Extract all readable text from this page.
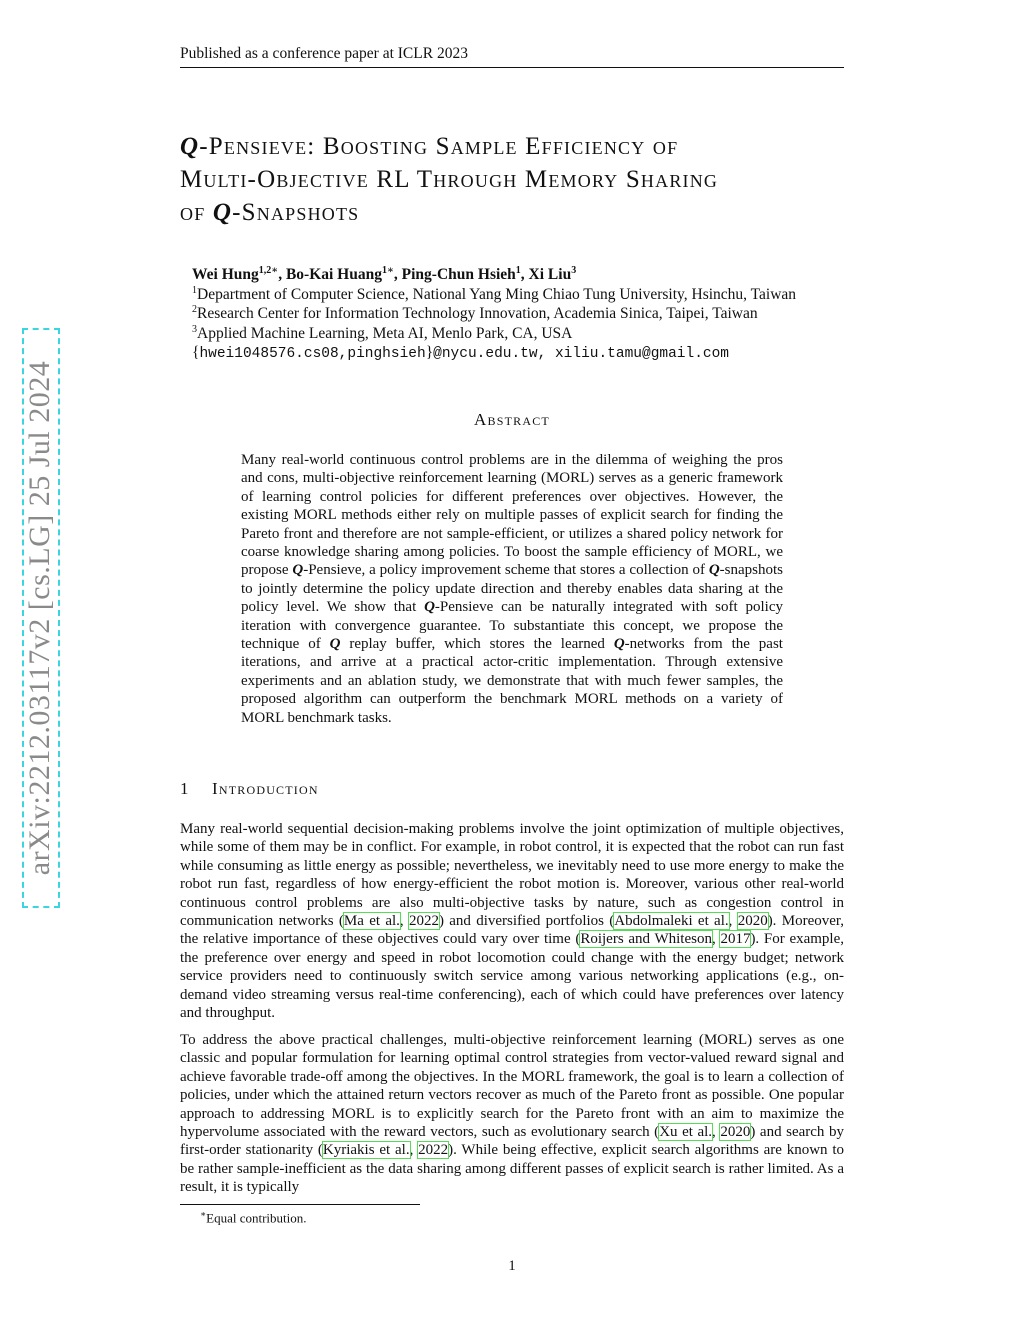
Published as a conference paper at ICLR 2023
arXiv:2212.03117v2 [cs.LG] 25 Jul 2024
Q-Pensieve: Boosting Sample Efficiency of
Multi-Objective RL Through Memory Sharing
of Q-Snapshots
Wei Hung$^{1,2∗}$, Bo-Kai Huang$^{1∗}$, Ping-Chun Hsieh$^1$, Xi Liu$^3$
$^1$Department of Computer Science, National Yang Ming Chiao Tung University, Hsinchu, Taiwan
$^2$Research Center for Information Technology Innovation, Academia Sinica, Taipei, Taiwan
$^3$Applied Machine Learning, Meta AI, Menlo Park, CA, USA
{hwei1048576.cs08,pinghsieh}@nycu.edu.tw, xiliu.tamu@gmail.com
Abstract
Many real-world continuous control problems are in the dilemma of weighing the pros and cons, multi-objective reinforcement learning (MORL) serves as a generic framework of learning control policies for different preferences over objectives. However, the existing MORL methods either rely on multiple passes of explicit search for finding the Pareto front and therefore are not sample-efficient, or utilizes a shared policy network for coarse knowledge sharing among policies. To boost the sample efficiency of MORL, we propose Q-Pensieve, a policy improvement scheme that stores a collection of Q-snapshots to jointly determine the policy update direction and thereby enables data sharing at the policy level. We show that Q-Pensieve can be naturally integrated with soft policy iteration with convergence guarantee. To substantiate this concept, we propose the technique of Q replay buffer, which stores the learned Q-networks from the past iterations, and arrive at a practical actor-critic implementation. Through extensive experiments and an ablation study, we demonstrate that with much fewer samples, the proposed algorithm can outperform the benchmark MORL methods on a variety of MORL benchmark tasks.
1 Introduction
Many real-world sequential decision-making problems involve the joint optimization of multiple objectives, while some of them may be in conflict. For example, in robot control, it is expected that the robot can run fast while consuming as little energy as possible; nevertheless, we inevitably need to use more energy to make the robot run fast, regardless of how energy-efficient the robot motion is. Moreover, various other real-world continuous control problems are also multi-objective tasks by nature, such as congestion control in communication networks (Ma et al., 2022) and diversified portfolios (Abdolmaleki et al., 2020). Moreover, the relative importance of these objectives could vary over time (Roijers and Whiteson, 2017). For example, the preference over energy and speed in robot locomotion could change with the energy budget; network service providers need to continuously switch service among various networking applications (e.g., on-demand video streaming versus real-time conferencing), each of which could have preferences over latency and throughput.
To address the above practical challenges, multi-objective reinforcement learning (MORL) serves as one classic and popular formulation for learning optimal control strategies from vector-valued reward signal and achieve favorable trade-off among the objectives. In the MORL framework, the goal is to learn a collection of policies, under which the attained return vectors recover as much of the Pareto front as possible. One popular approach to addressing MORL is to explicitly search for the Pareto front with an aim to maximize the hypervolume associated with the reward vectors, such as evolutionary search (Xu et al., 2020) and search by first-order stationarity (Kyriakis et al., 2022). While being effective, explicit search algorithms are known to be rather sample-inefficient as the data sharing among different passes of explicit search is rather limited. As a result, it is typically
∗Equal contribution.
1
